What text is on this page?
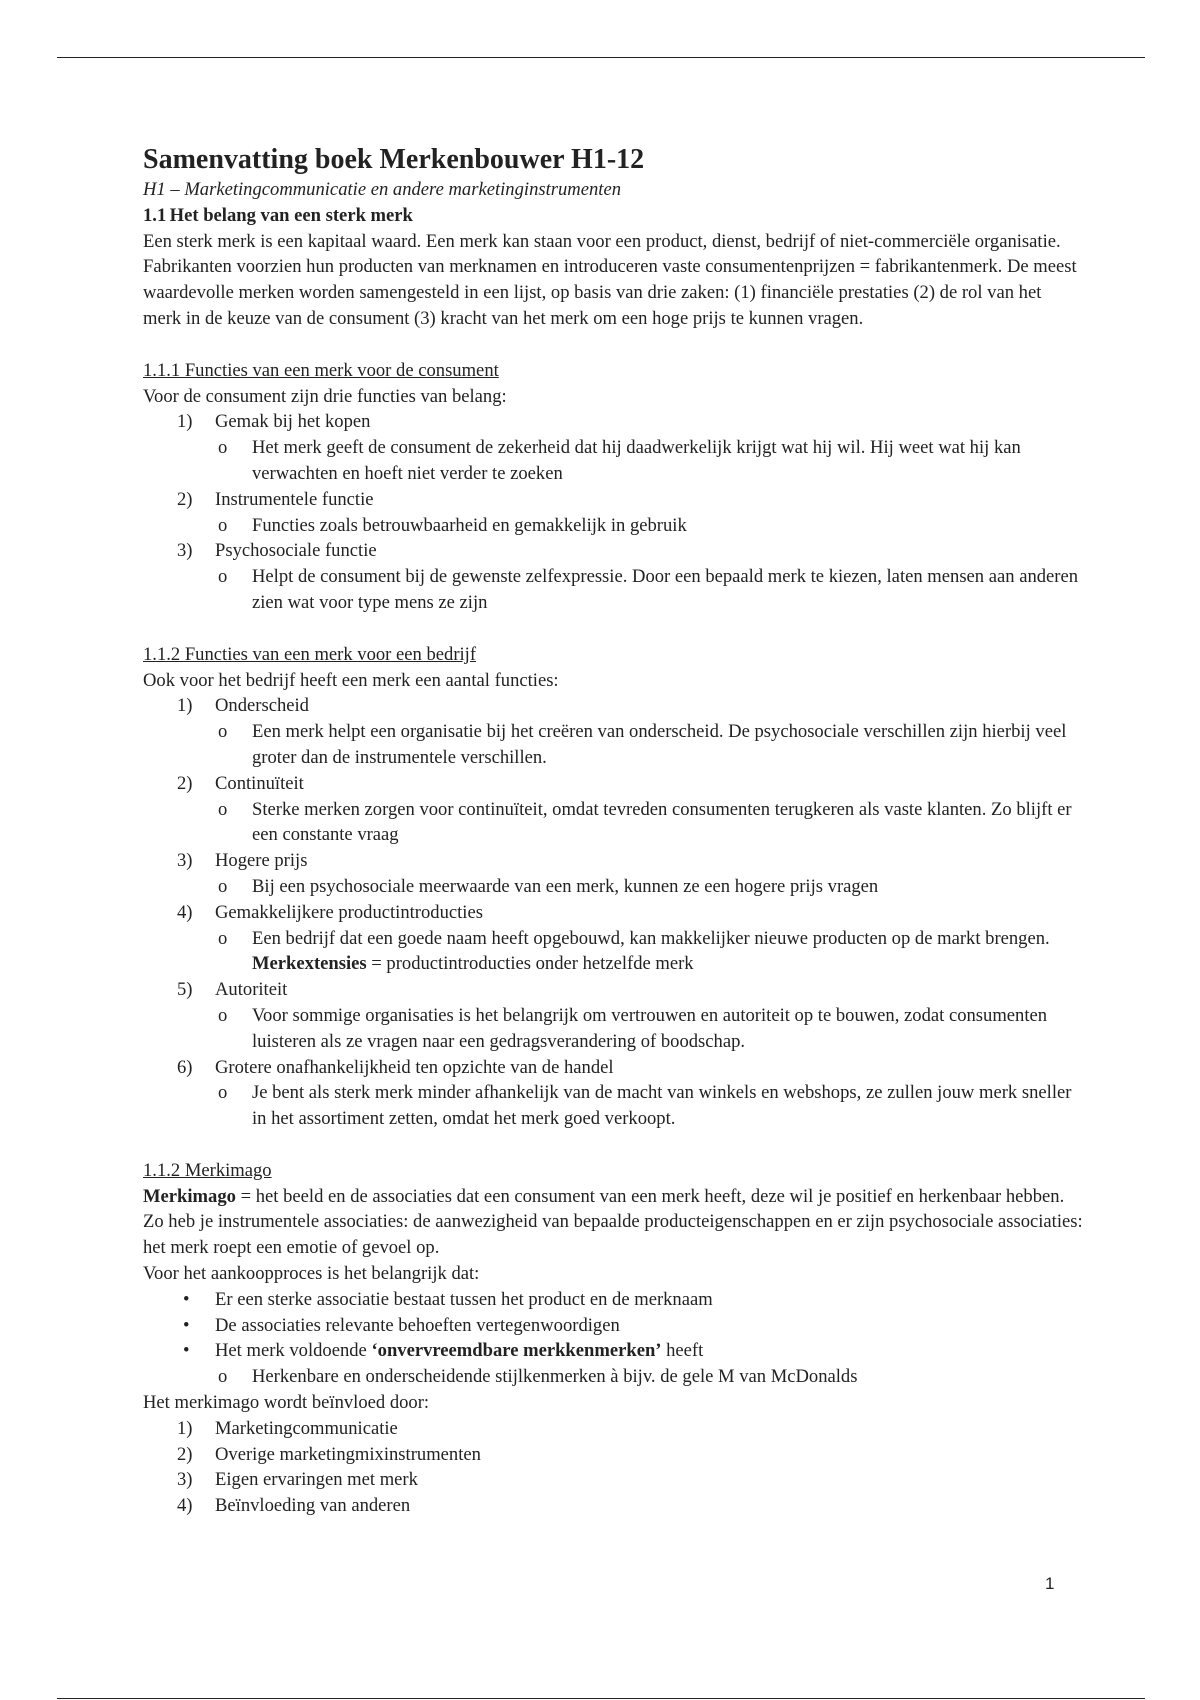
Samenvatting boek Merkenbouwer H1-12

H1 – Marketingcommunicatie en andere marketinginstrumenten

1.1 Het belang van een sterk merk

Een sterk merk is een kapitaal waard. Een merk kan staan voor een product, dienst, bedrijf of niet-commerciële organisatie. Fabrikanten voorzien hun producten van merknamen en introduceren vaste consumentenprijzen = fabrikantenmerk. De meest waardevolle merken worden samengesteld in een lijst, op basis van drie zaken: (1) financiële prestaties (2) de rol van het merk in de keuze van de consument (3) kracht van het merk om een hoge prijs te kunnen vragen.

1.1.1 Functies van een merk voor de consument

Voor de consument zijn drie functies van belang:

1) Gemak bij het kopen
o Het merk geeft de consument de zekerheid dat hij daadwerkelijk krijgt wat hij wil. Hij weet wat hij kan verwachten en hoeft niet verder te zoeken
2) Instrumentele functie
o Functies zoals betrouwbaarheid en gemakkelijk in gebruik
3) Psychosociale functie
o Helpt de consument bij de gewenste zelfexpressie. Door een bepaald merk te kiezen, laten mensen aan anderen zien wat voor type mens ze zijn

1.1.2 Functies van een merk voor een bedrijf

Ook voor het bedrijf heeft een merk een aantal functies:

1) Onderscheid
o Een merk helpt een organisatie bij het creëren van onderscheid. De psychosociale verschillen zijn hierbij veel groter dan de instrumentele verschillen.
2) Continuïteit
o Sterke merken zorgen voor continuïteit, omdat tevreden consumenten terugkeren als vaste klanten. Zo blijft er een constante vraag
3) Hogere prijs
o Bij een psychosociale meerwaarde van een merk, kunnen ze een hogere prijs vragen
4) Gemakkelijkere productintroducties
o Een bedrijf dat een goede naam heeft opgebouwd, kan makkelijker nieuwe producten op de markt brengen. Merkextensies = productintroducties onder hetzelfde merk
5) Autoriteit
o Voor sommige organisaties is het belangrijk om vertrouwen en autoriteit op te bouwen, zodat consumenten luisteren als ze vragen naar een gedragsverandering of boodschap.
6) Grotere onafhankelijkheid ten opzichte van de handel
o Je bent als sterk merk minder afhankelijk van de macht van winkels en webshops, ze zullen jouw merk sneller in het assortiment zetten, omdat het merk goed verkoopt.

1.1.2 Merkimago

Merkimago = het beeld en de associaties dat een consument van een merk heeft, deze wil je positief en herkenbaar hebben. Zo heb je instrumentele associaties: de aanwezigheid van bepaalde producteigenschappen en er zijn psychosociale associaties: het merk roept een emotie of gevoel op.

Voor het aankoopproces is het belangrijk dat:

• Er een sterke associatie bestaat tussen het product en de merknaam
• De associaties relevante behoeften vertegenwoordigen
• Het merk voldoende ‘onvervreemdbare merkkenmerken’ heeft
o Herkenbare en onderscheidende stijlkenmerken à bijv. de gele M van McDonalds

Het merkimago wordt beïnvloed door:

1) Marketingcommunicatie
2) Overige marketingmixinstrumenten
3) Eigen ervaringen met merk
4) Beïnvloeding van anderen
1
